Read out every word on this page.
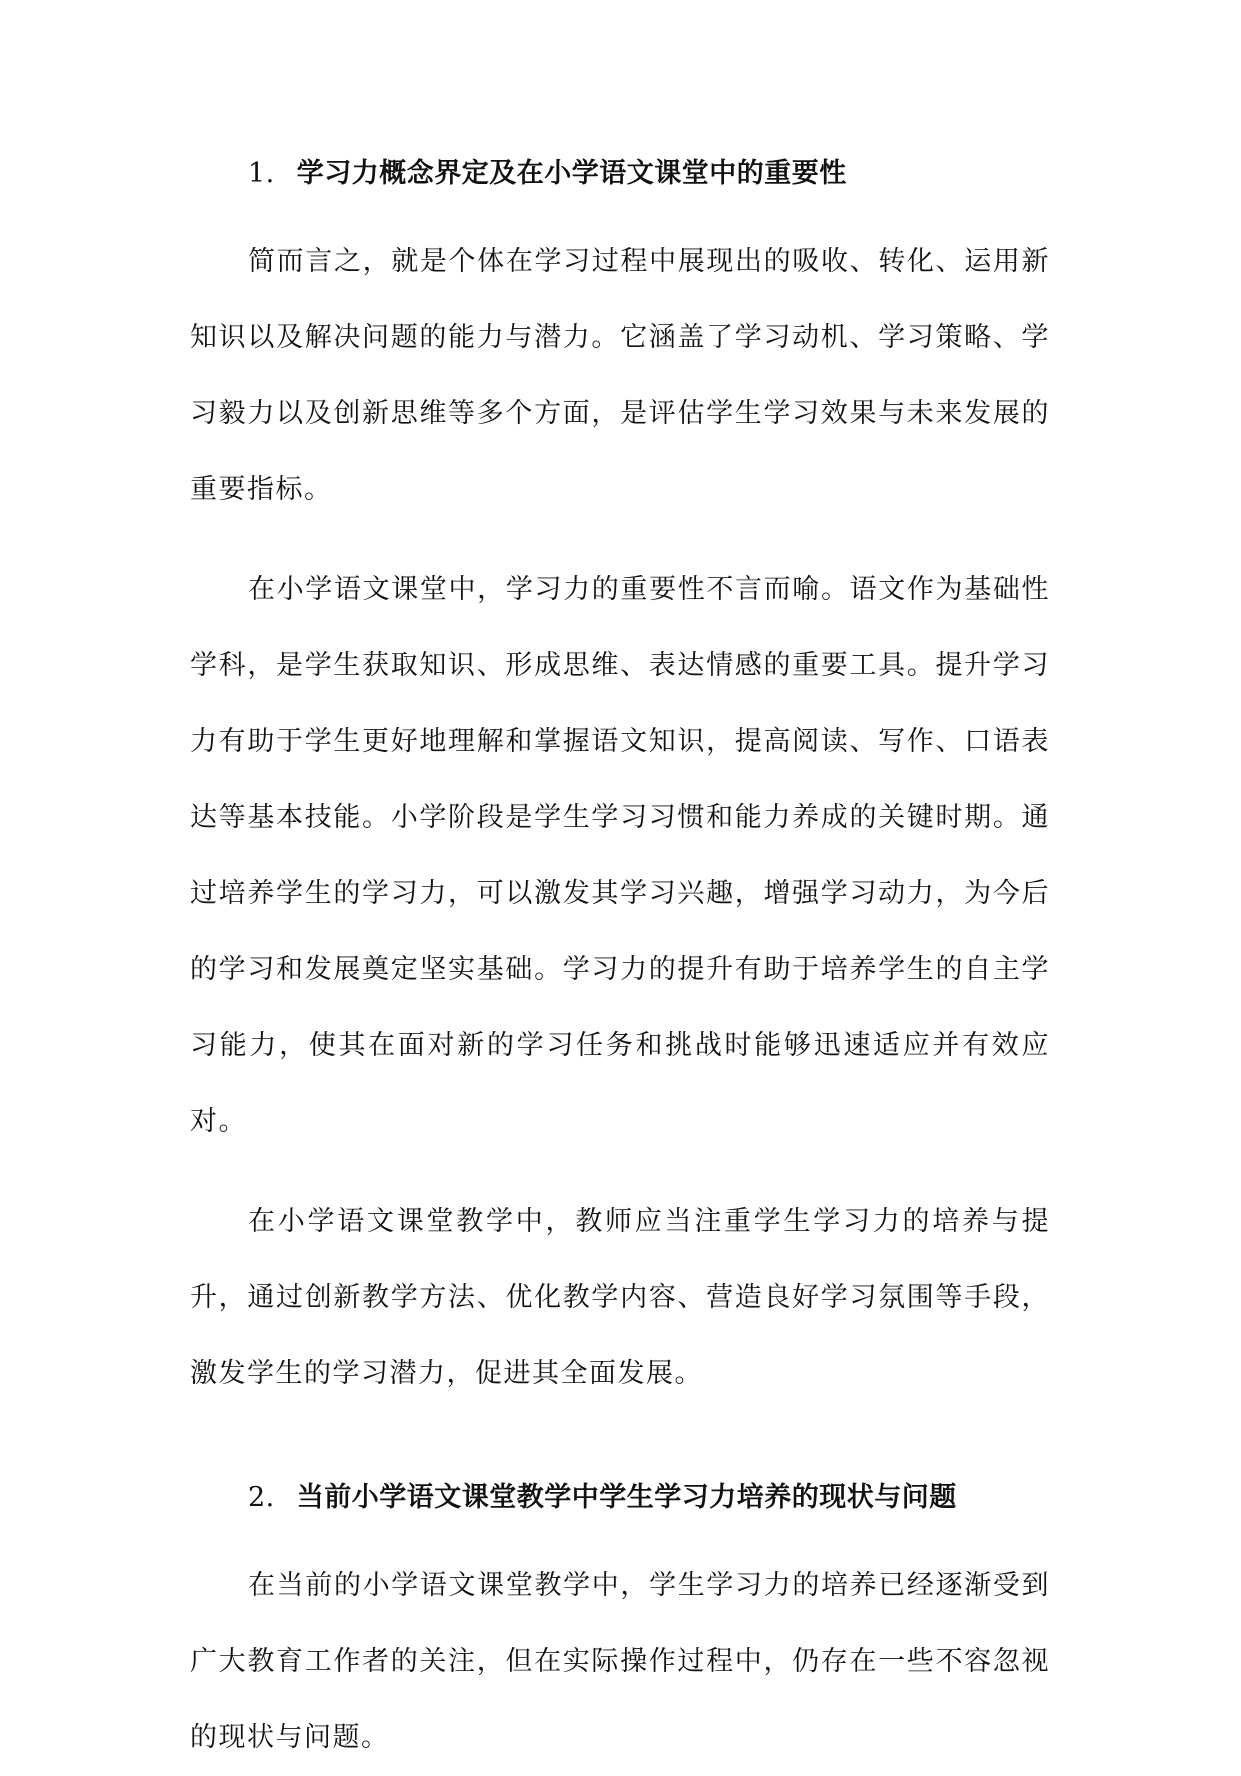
1. 学习力概念界定及在小学语文课堂中的重要性

简而言之，就是个体在学习过程中展现出的吸收、转化、运用新知识以及解决问题的能力与潜力。它涵盖了学习动机、学习策略、学习毅力以及创新思维等多个方面，是评估学生学习效果与未来发展的重要指标。

在小学语文课堂中，学习力的重要性不言而喻。语文作为基础性学科，是学生获取知识、形成思维、表达情感的重要工具。提升学习力有助于学生更好地理解和掌握语文知识，提高阅读、写作、口语表达等基本技能。小学阶段是学生学习习惯和能力养成的关键时期。通过培养学生的学习力，可以激发其学习兴趣，增强学习动力，为今后的学习和发展奠定坚实基础。学习力的提升有助于培养学生的自主学习能力，使其在面对新的学习任务和挑战时能够迅速适应并有效应对。

在小学语文课堂教学中，教师应当注重学生学习力的培养与提升，通过创新教学方法、优化教学内容、营造良好学习氛围等手段，激发学生的学习潜力，促进其全面发展。

2. 当前小学语文课堂教学中学生学习力培养的现状与问题

在当前的小学语文课堂教学中，学生学习力的培养已经逐渐受到广大教育工作者的关注，但在实际操作过程中，仍存在一些不容忽视的现状与问题。
